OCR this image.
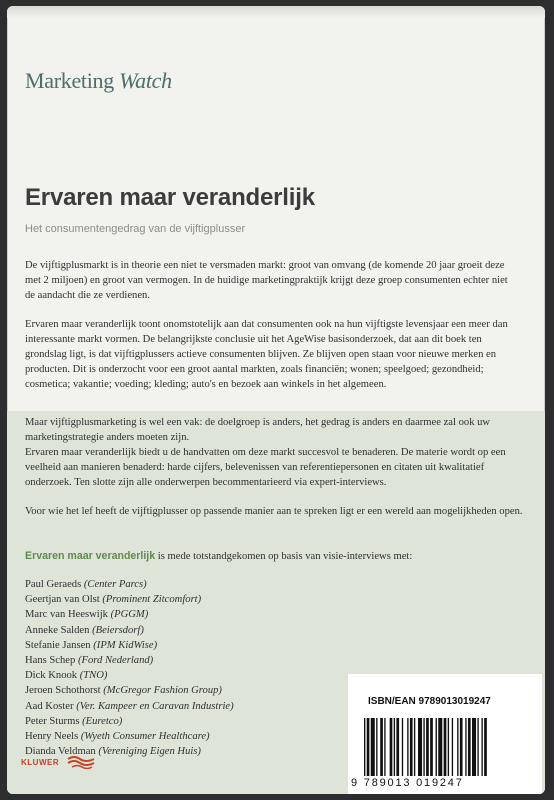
Marketing Watch
Ervaren maar veranderlijk
Het consumentengedrag van de vijftigplusser

De vijftigplusmarkt is in theorie een niet te versmaden markt: groot van omvang (de komende 20 jaar groeit deze met 2 miljoen) en groot van vermogen. In de huidige marketingpraktijk krijgt deze groep consumenten echter niet de aandacht die ze verdienen.

Ervaren maar veranderlijk toont onomstotelijk aan dat consumenten ook na hun vijftigste levensjaar een meer dan interessante markt vormen. De belangrijkste conclusie uit het AgeWise basisonderzoek, dat aan dit boek ten grondslag ligt, is dat vijftigplussers actieve consumenten blijven. Ze blijven open staan voor nieuwe merken en producten. Dit is onderzocht voor een groot aantal markten, zoals financiën; wonen; speelgoed; gezondheid; cosmetica; vakantie; voeding; kleding; auto's en bezoek aan winkels in het algemeen.

Maar vijftigplusmarketing is wel een vak: de doelgroep is anders, het gedrag is anders en daarmee zal ook uw marketingstrategie anders moeten zijn.
Ervaren maar veranderlijk biedt u de handvatten om deze markt succesvol te benaderen. De materie wordt op een veelheid aan manieren benaderd: harde cijfers, belevenissen van referentiepersonen en citaten uit kwalitatief onderzoek. Ten slotte zijn alle onderwerpen becommentarieerd via expert-interviews.

Voor wie het lef heeft de vijftigplusser op passende manier aan te spreken ligt er een wereld aan mogelijkheden open.

Ervaren maar veranderlijk is mede totstandgekomen op basis van visie-interviews met:
Paul Geraeds (Center Parcs)
Geertjan van Olst (Prominent Zitcomfort)
Marc van Heeswijk (PGGM)
Anneke Salden (Beiersdorf)
Stefanie Jansen (IPM KidWise)
Hans Schep (Ford Nederland)
Dick Knook (TNO)
Jeroen Schothorst (McGregor Fashion Group)
Aad Koster (Ver. Kampeer en Caravan Industrie)
Peter Sturms (Euretco)
Henry Neels (Wyeth Consumer Healthcare)
Dianda Veldman (Vereniging Eigen Huis)
KLUWER
ISBN/EAN 9789013019247
9 789013 019247
